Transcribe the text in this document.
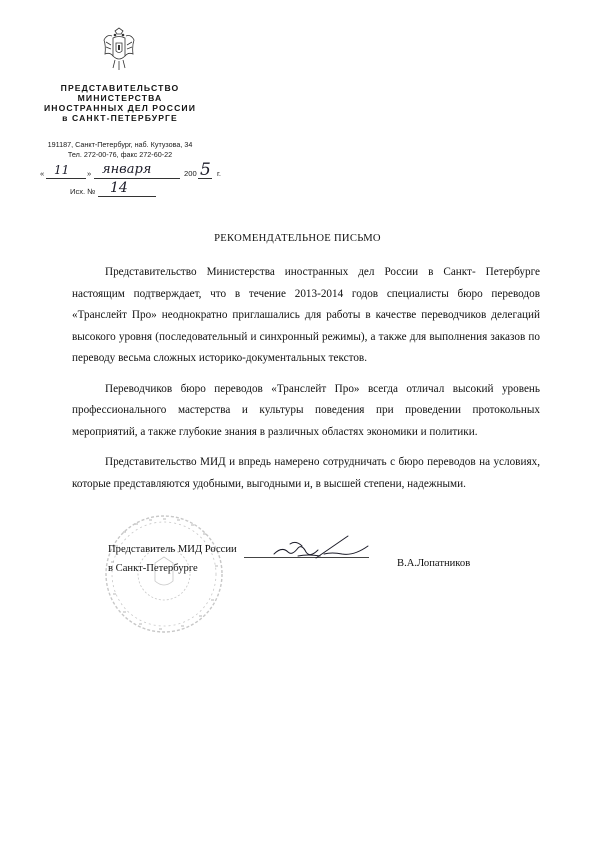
ПРЕДСТАВИТЕЛЬСТВО
МИНИСТЕРСТВА
ИНОСТРАННЫХ ДЕЛ РОССИИ
в САНКТ-ПЕТЕРБУРГЕ
191187, Санкт-Петербург, наб. Кутузова, 34
Тел. 272-00-76, факс 272-60-22
« 11 » января	200 5 г.
Исх. № 14
РЕКОМЕНДАТЕЛЬНОЕ ПИСЬМО

Представительство Министерства иностранных дел России в Санкт- Петербурге настоящим подтверждает, что в течение 2013-2014 годов специалисты бюро переводов «Транслейт Про» неоднократно приглашались для работы в качестве переводчиков делегаций высокого уровня (последовательный и синхронный режимы), а также для выполнения заказов по переводу весьма сложных историко-документальных текстов.

Переводчиков бюро переводов «Транслейт Про» всегда отличал высокий уровень профессионального мастерства и культуры поведения при проведении протокольных мероприятий, а также глубокие знания в различных областях экономики и политики.

Представительство МИД и впредь намерено сотрудничать с бюро переводов на условиях, которые представляются удобными, выгодными и, в высшей степени, надежными.

Представитель МИД России
в Санкт-Петербурге	В.А.Лопатников
